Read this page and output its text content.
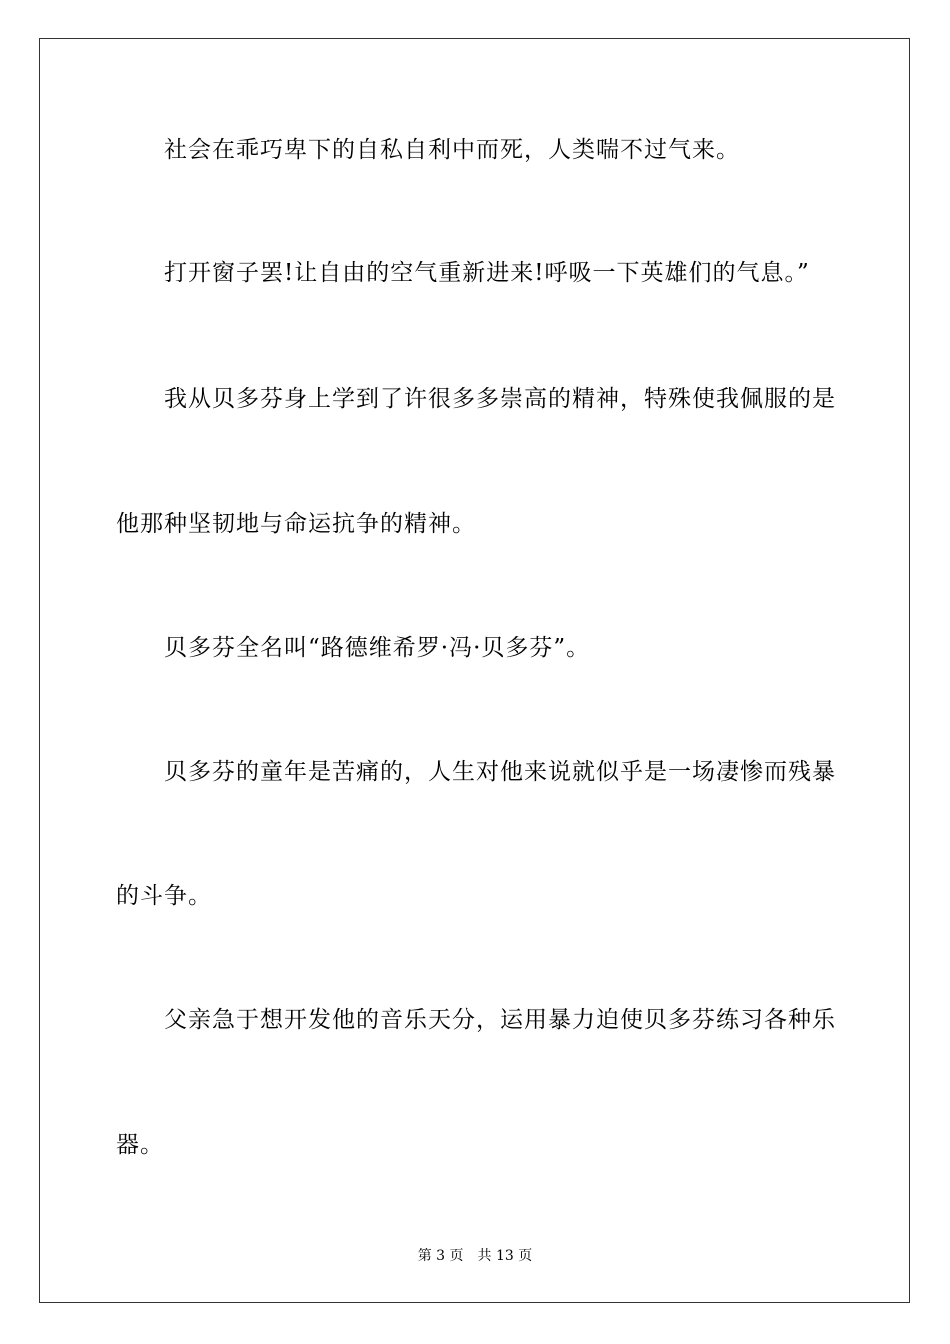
社会在乖巧卑下的自私自利中而死，人类喘不过气来。
打开窗子罢!让自由的空气重新进来!呼吸一下英雄们的气息。”
我从贝多芬身上学到了许很多多崇高的精神，特殊使我佩服的是
他那种坚韧地与命运抗争的精神。
贝多芬全名叫“路德维希罗·冯·贝多芬”。
贝多芬的童年是苦痛的，人生对他来说就似乎是一场凄惨而残暴
的斗争。
父亲急于想开发他的音乐天分，运用暴力迫使贝多芬练习各种乐
器。
第 3 页　共 13 页
